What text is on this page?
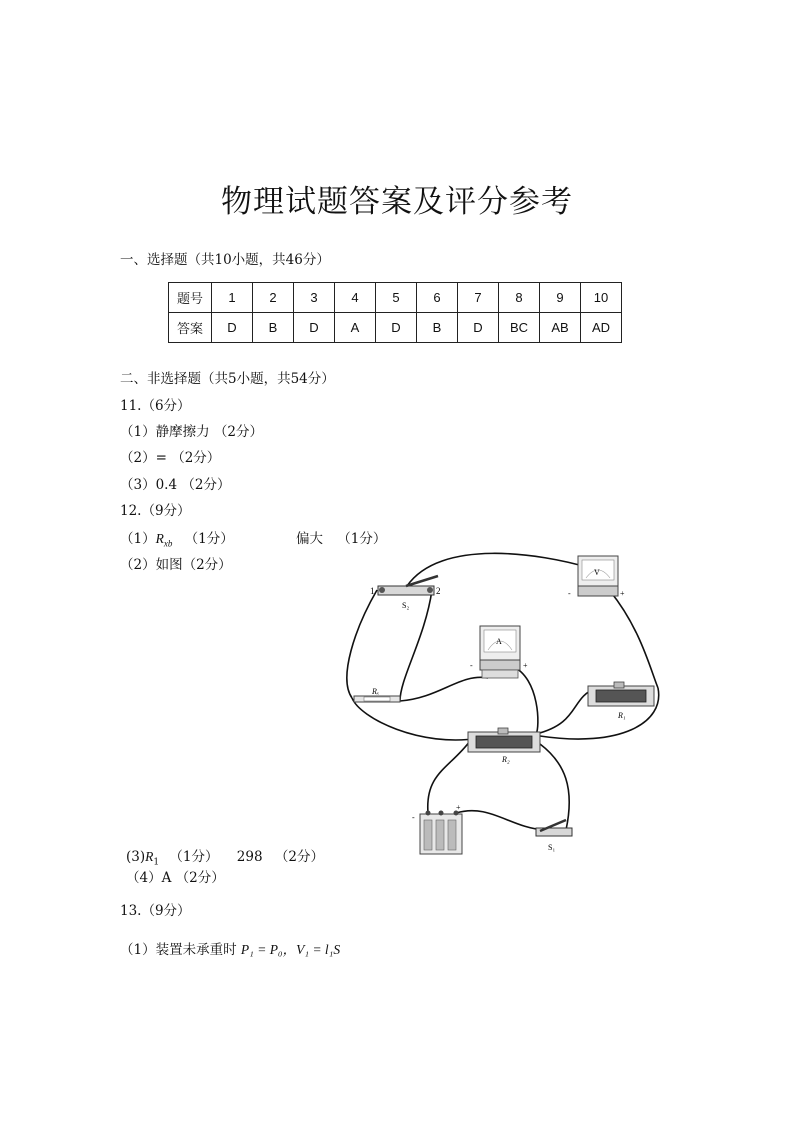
物理试题答案及评分参考
一、选择题（共10小题，共46分）
题号	1	2	3	4	5	6	7	8	9	10
答案	D	B	D	A	D	B	D	BC	AB	AD
二、非选择题（共5小题，共54分）
11.（6分）
（1）静摩擦力 （2分）
（2）= （2分）
（3）0.4 （2分）
12.（9分）
$(1)R_{xb}$ （1分）	偏大 （1分）
（2）如图（2分）
1	2
S₂
V
-	+
A
-	+
Rₓ
R₁
R₂
-
+
S₁
$(3)R_1$ （1分） 298 （2分）
（4）A （2分）
13.（9分）
（1）装置未承重时 P₁ = P₀，V₁ = l₁S
